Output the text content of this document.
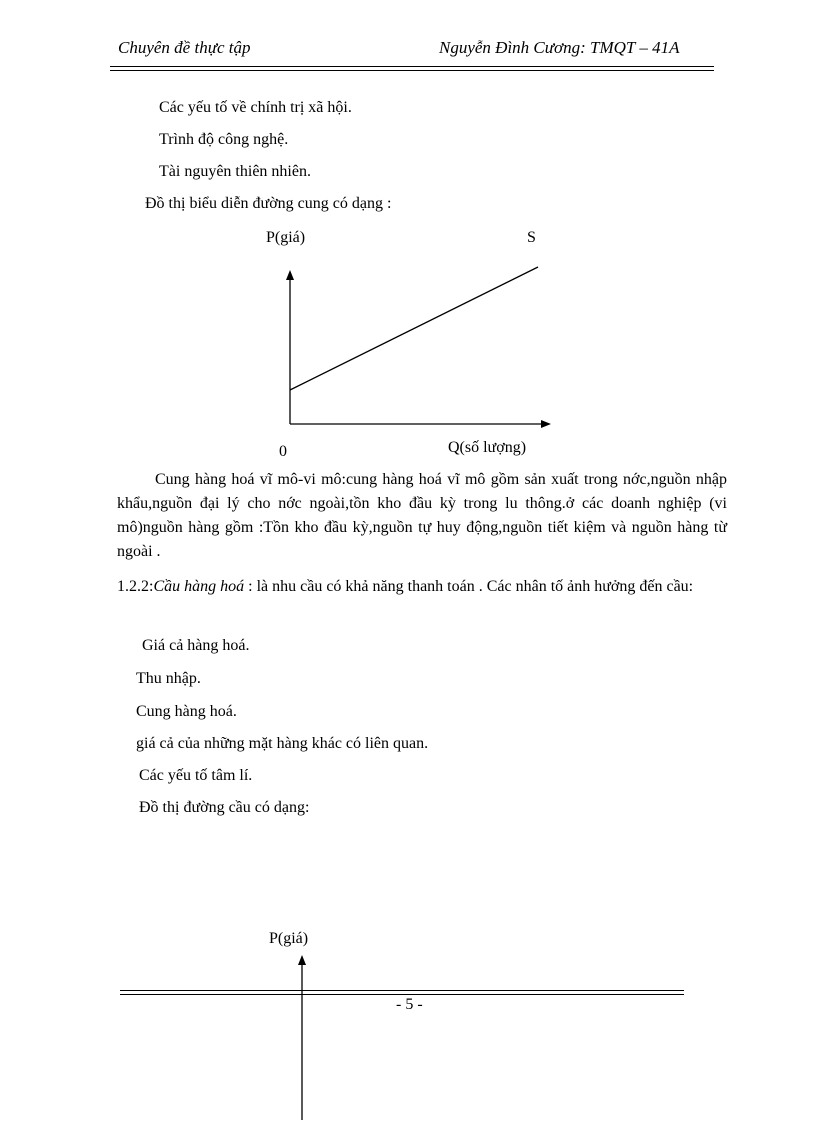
Chuyên đề thực tập	Nguyễn Đình Cương: TMQT – 41A
Các yếu tố về chính trị xã hội.
Trình độ công nghệ.
Tài nguyên thiên nhiên.
Đồ thị biểu diễn đường cung có dạng :
P(giá)	S
0	Q(số lượng)
Cung hàng hoá vĩ mô-vi mô:cung hàng hoá vĩ mô gồm sản xuất trong nớc,nguồn nhập khẩu,nguồn đại lý cho nớc ngoài,tồn kho đầu kỳ trong lu thông.ở các doanh nghiệp (vi mô)nguồn hàng gồm :Tồn kho đầu kỳ,nguồn tự huy động,nguồn tiết kiệm và nguồn hàng từ ngoài .
1.2.2:Cầu hàng hoá : là nhu cầu có khả năng thanh toán . Các nhân tố ảnh hưởng đến cầu:
Giá cả hàng hoá.
Thu nhập.
Cung hàng hoá.
giá cả của những mặt hàng khác có liên quan.
Các yếu tố tâm lí.
Đồ thị đường cầu có dạng:
P(giá)
- 5 -
